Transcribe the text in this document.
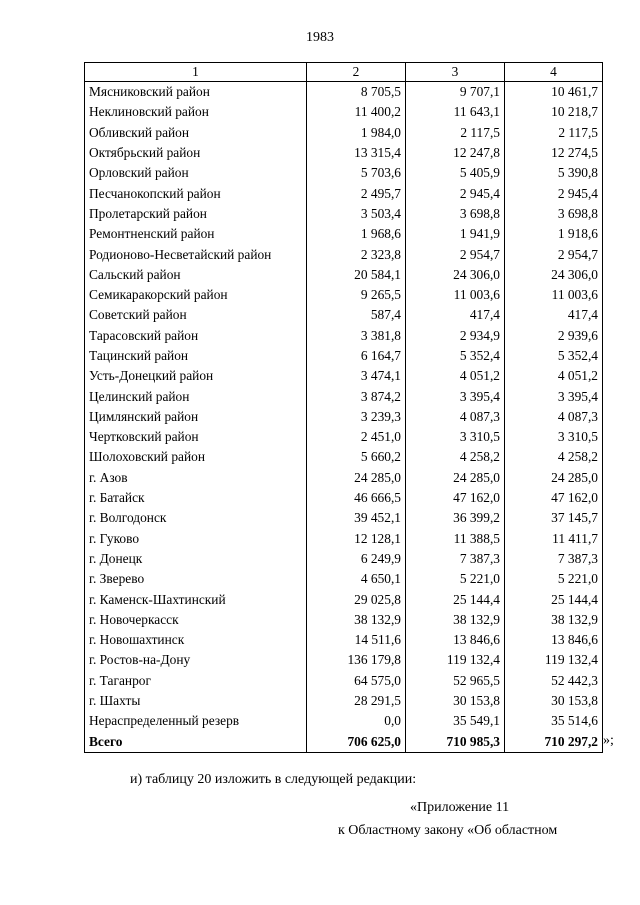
1983
1	2	3	4
Мясниковский район	8 705,5	9 707,1	10 461,7
Неклиновский район	11 400,2	11 643,1	10 218,7
Обливский район	1 984,0	2 117,5	2 117,5
Октябрьский район	13 315,4	12 247,8	12 274,5
Орловский район	5 703,6	5 405,9	5 390,8
Песчанокопский район	2 495,7	2 945,4	2 945,4
Пролетарский район	3 503,4	3 698,8	3 698,8
Ремонтненский район	1 968,6	1 941,9	1 918,6
Родионово-Несветайский район	2 323,8	2 954,7	2 954,7
Сальский район	20 584,1	24 306,0	24 306,0
Семикаракорский район	9 265,5	11 003,6	11 003,6
Советский район	587,4	417,4	417,4
Тарасовский район	3 381,8	2 934,9	2 939,6
Тацинский район	6 164,7	5 352,4	5 352,4
Усть-Донецкий район	3 474,1	4 051,2	4 051,2
Целинский район	3 874,2	3 395,4	3 395,4
Цимлянский район	3 239,3	4 087,3	4 087,3
Чертковский район	2 451,0	3 310,5	3 310,5
Шолоховский район	5 660,2	4 258,2	4 258,2
г. Азов	24 285,0	24 285,0	24 285,0
г. Батайск	46 666,5	47 162,0	47 162,0
г. Волгодонск	39 452,1	36 399,2	37 145,7
г. Гуково	12 128,1	11 388,5	11 411,7
г. Донецк	6 249,9	7 387,3	7 387,3
г. Зверево	4 650,1	5 221,0	5 221,0
г. Каменск-Шахтинский	29 025,8	25 144,4	25 144,4
г. Новочеркасск	38 132,9	38 132,9	38 132,9
г. Новошахтинск	14 511,6	13 846,6	13 846,6
г. Ростов-на-Дону	136 179,8	119 132,4	119 132,4
г. Таганрог	64 575,0	52 965,5	52 442,3
г. Шахты	28 291,5	30 153,8	30 153,8
Нераспределенный резерв	0,0	35 549,1	35 514,6
Всего	706 625,0	710 985,3	710 297,2 »;
и) таблицу 20 изложить в следующей редакции:
«Приложение 11
к Областному закону «Об областном
